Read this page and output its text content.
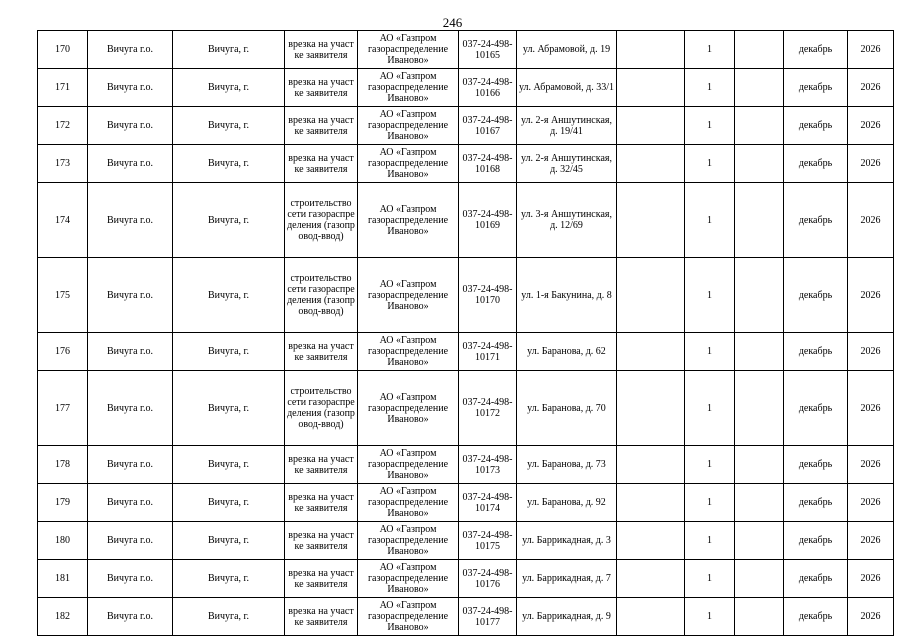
246
170	Вичуга г.о.	Вичуга, г.	врезка на участке заявителя	АО «Газпром газораспределение Иваново»	037-24-498-10165	ул. Абрамовой, д. 19		1		декабрь	2026
171	Вичуга г.о.	Вичуга, г.	врезка на участке заявителя	АО «Газпром газораспределение Иваново»	037-24-498-10166	ул. Абрамовой, д. 33/1		1		декабрь	2026
172	Вичуга г.о.	Вичуга, г.	врезка на участке заявителя	АО «Газпром газораспределение Иваново»	037-24-498-10167	ул. 2-я Аншутинская, д. 19/41		1		декабрь	2026
173	Вичуга г.о.	Вичуга, г.	врезка на участке заявителя	АО «Газпром газораспределение Иваново»	037-24-498-10168	ул. 2-я Аншутинская, д. 32/45		1		декабрь	2026
174	Вичуга г.о.	Вичуга, г.	строительство сети газораспределения (газопровод-ввод)	АО «Газпром газораспределение Иваново»	037-24-498-10169	ул. 3-я Аншутинская, д. 12/69		1		декабрь	2026
175	Вичуга г.о.	Вичуга, г.	строительство сети газораспределения (газопровод-ввод)	АО «Газпром газораспределение Иваново»	037-24-498-10170	ул. 1-я Бакунина, д. 8		1		декабрь	2026
176	Вичуга г.о.	Вичуга, г.	врезка на участке заявителя	АО «Газпром газораспределение Иваново»	037-24-498-10171	ул. Баранова, д. 62		1		декабрь	2026
177	Вичуга г.о.	Вичуга, г.	строительство сети газораспределения (газопровод-ввод)	АО «Газпром газораспределение Иваново»	037-24-498-10172	ул. Баранова, д. 70		1		декабрь	2026
178	Вичуга г.о.	Вичуга, г.	врезка на участке заявителя	АО «Газпром газораспределение Иваново»	037-24-498-10173	ул. Баранова, д. 73		1		декабрь	2026
179	Вичуга г.о.	Вичуга, г.	врезка на участке заявителя	АО «Газпром газораспределение Иваново»	037-24-498-10174	ул. Баранова, д. 92		1		декабрь	2026
180	Вичуга г.о.	Вичуга, г.	врезка на участке заявителя	АО «Газпром газораспределение Иваново»	037-24-498-10175	ул. Баррикадная, д. 3		1		декабрь	2026
181	Вичуга г.о.	Вичуга, г.	врезка на участке заявителя	АО «Газпром газораспределение Иваново»	037-24-498-10176	ул. Баррикадная, д. 7		1		декабрь	2026
182	Вичуга г.о.	Вичуга, г.	врезка на участке заявителя	АО «Газпром газораспределение Иваново»	037-24-498-10177	ул. Баррикадная, д. 9		1		декабрь	2026
